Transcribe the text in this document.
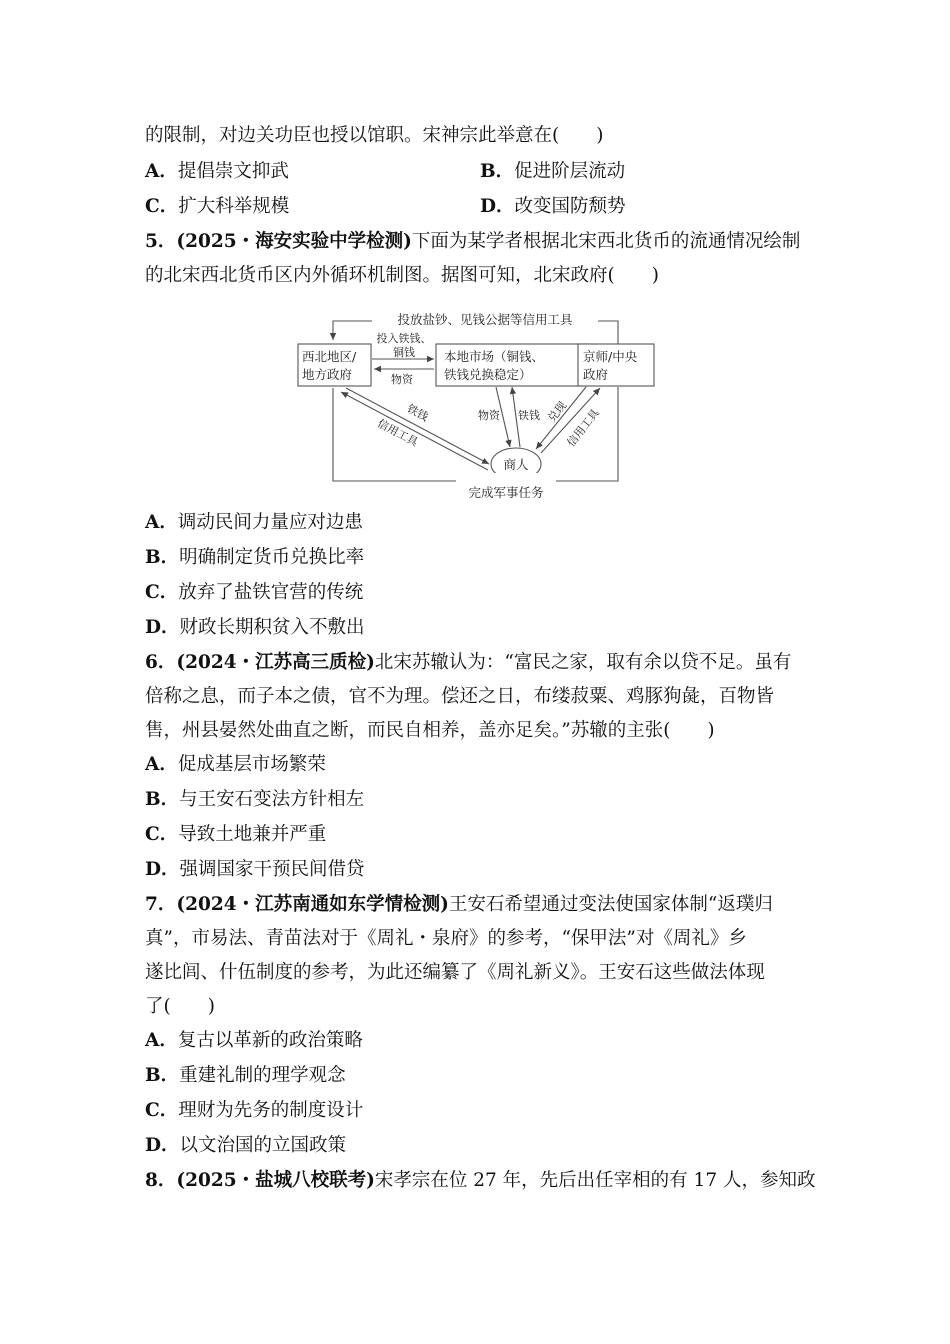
的限制，对边关功臣也授以馆职。宋神宗此举意在(　　)
A．提倡崇文抑武	B．促进阶层流动
C．扩大科举规模	D．改变国防颓势
5．(2025・海安实验中学检测)下面为某学者根据北宋西北货币的流通情况绘制
的北宋西北货币区内外循环机制图。据图可知，北宋政府(　　)
投放盐钞、见钱公据等信用工具
完成军事任务
西北地区/
地方政府
本地市场（铜钱、
铁钱兑换稳定）
京师/中央
政府
商人
投入铁钱、
铜钱
物资
铁钱
信用工具
物资 铁钱 兑现
信用工具
A．调动民间力量应对边患
B．明确制定货币兑换比率
C．放弃了盐铁官营的传统
D．财政长期积贫入不敷出
6．(2024・江苏高三质检)北宋苏辙认为：“富民之家，取有余以贷不足。虽有
倍称之息，而子本之债，官不为理。偿还之日，布缕菽粟、鸡豚狗彘，百物皆
售，州县晏然处曲直之断，而民自相养，盖亦足矣。”苏辙的主张(　　)
A．促成基层市场繁荣
B．与王安石变法方针相左
C．导致土地兼并严重
D．强调国家干预民间借贷
7．(2024・江苏南通如东学情检测)王安石希望通过变法使国家体制“返璞归
真”，市易法、青苗法对于《周礼・泉府》的参考，“保甲法”对《周礼》乡
遂比闾、什伍制度的参考，为此还编纂了《周礼新义》。王安石这些做法体现
了(　　)
A．复古以革新的政治策略
B．重建礼制的理学观念
C．理财为先务的制度设计
D．以文治国的立国政策
8．(2025・盐城八校联考)宋孝宗在位 27 年，先后出任宰相的有 17 人，参知政
